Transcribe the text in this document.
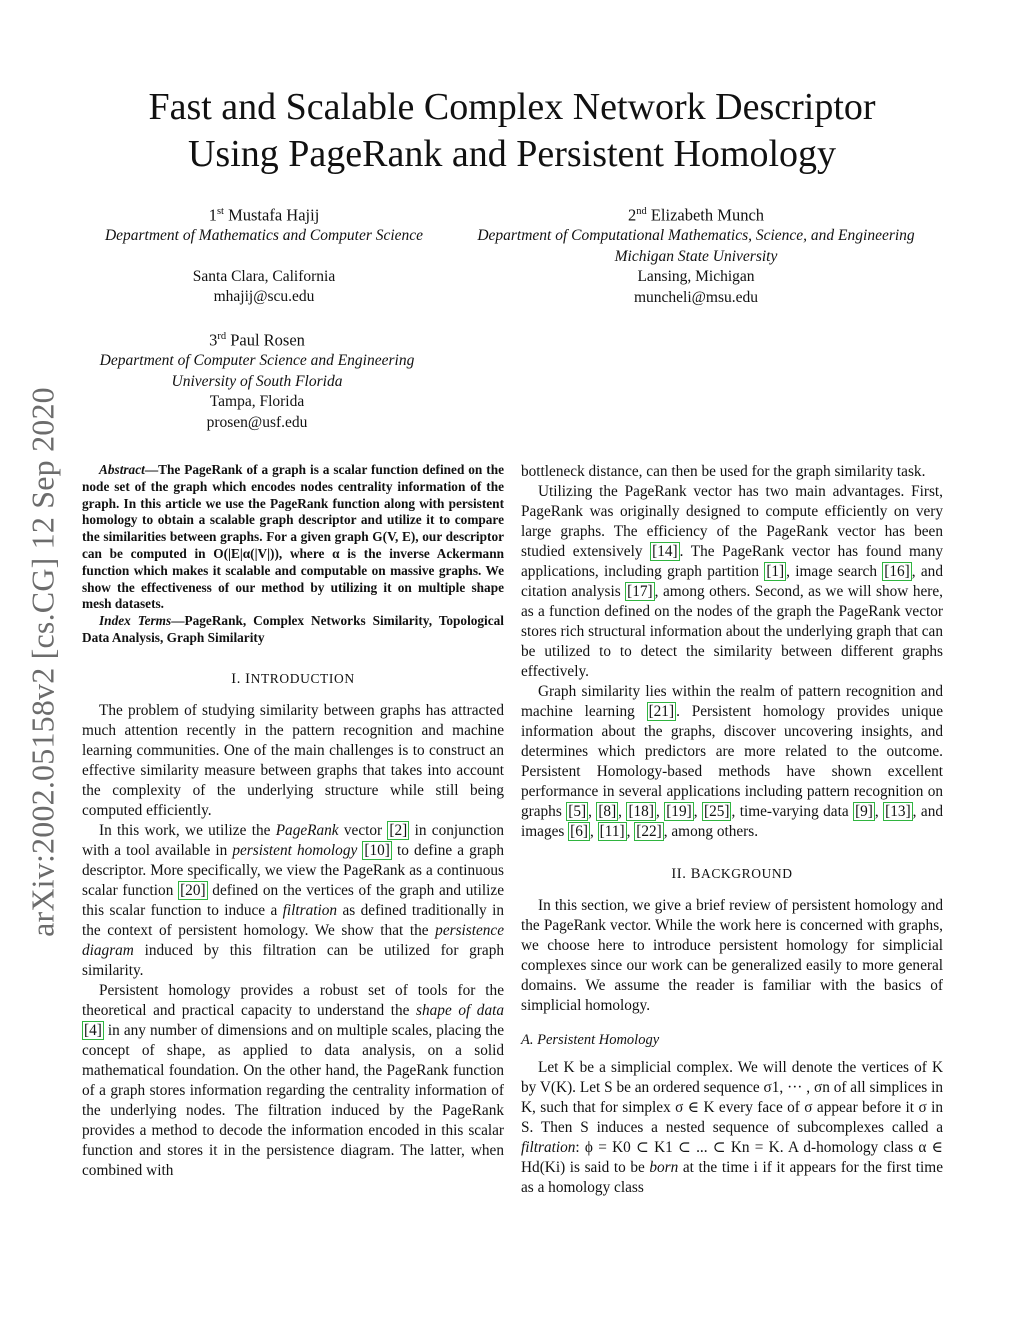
Fast and Scalable Complex Network Descriptor
Using PageRank and Persistent Homology
1st Mustafa Hajij
Department of Mathematics and Computer Science
Santa Clara, California
mhajij@scu.edu
2nd Elizabeth Munch
Department of Computational Mathematics, Science, and Engineering
Michigan State University
Lansing, Michigan
muncheli@msu.edu
3rd Paul Rosen
Department of Computer Science and Engineering
University of South Florida
Tampa, Florida
prosen@usf.edu
arXiv:2002.05158v2 [cs.CG] 12 Sep 2020	Abstract—The PageRank of a graph is a scalar function defined on the node set of the graph which encodes nodes centrality information of the graph. In this article we use the PageRank function along with persistent homology to obtain a scalable graph descriptor and utilize it to compare the similarities between graphs. For a given graph G(V, E), our descriptor can be computed in O(|E|α(|V|)), where α is the inverse Ackermann function which makes it scalable and computable on massive graphs. We show the effectiveness of our method by utilizing it on multiple shape mesh datasets.

Index Terms—PageRank, Complex Networks Similarity, Topological Data Analysis, Graph Similarity

I. INTRODUCTION

The problem of studying similarity between graphs has attracted much attention recently in the pattern recognition and machine learning communities. One of the main challenges is to construct an effective similarity measure between graphs that takes into account the complexity of the underlying structure while still being computed efficiently.

In this work, we utilize the PageRank vector [2] in conjunction with a tool available in persistent homology [10] to define a graph descriptor. More specifically, we view the PageRank as a continuous scalar function [20] defined on the vertices of the graph and utilize this scalar function to induce a filtration as defined traditionally in the context of persistent homology. We show that the persistence diagram induced by this filtration can be utilized for graph similarity.

Persistent homology provides a robust set of tools for the theoretical and practical capacity to understand the shape of data [4] in any number of dimensions and on multiple scales, placing the concept of shape, as applied to data analysis, on a solid mathematical foundation. On the other hand, the PageRank function of a graph stores information regarding the centrality information of the underlying nodes. The filtration induced by the PageRank provides a method to decode the information encoded in this scalar function and stores it in the persistence diagram. The latter, when combined with

bottleneck distance, can then be used for the graph similarity task.

Utilizing the PageRank vector has two main advantages. First, PageRank was originally designed to compute efficiently on very large graphs. The efficiency of the PageRank vector has been studied extensively [14] . The PageRank vector has found many applications, including graph partition [1] , image search [16] , and citation analysis [17] , among others. Second, as we will show here, as a function defined on the nodes of the graph the PageRank vector stores rich structural information about the underlying graph that can be utilized to to detect the similarity between different graphs effectively.

Graph similarity lies within the realm of pattern recognition and machine learning [21] . Persistent homology provides unique information about the graphs, discover uncovering insights, and determines which predictors are more related to the outcome. Persistent Homology-based methods have shown excellent performance in several applications including pattern recognition on graphs [5] , [8] , [18] , [19] , [25] , time-varying data [9] , [13] , and images [6] , [11] , [22] , among others.

II. BACKGROUND

In this section, we give a brief review of persistent homology and the PageRank vector. While the work here is concerned with graphs, we choose here to introduce persistent homology for simplicial complexes since our work can be generalized easily to more general domains. We assume the reader is familiar with the basics of simplicial homology.

A. Persistent Homology

Let K be a simplicial complex. We will denote the vertices of K by V(K). Let S be an ordered sequence σ1, ··· , σn of all simplices in K, such that for simplex σ ∈ K every face of σ appear before it σ in S. Then S induces a nested sequence of subcomplexes called a filtration: ϕ = K0 ⊂ K1 ⊂ ... ⊂ Kn = K. A d-homology class α ∈ Hd(Ki) is said to be born at the time i if it appears for the first time as a homology class
